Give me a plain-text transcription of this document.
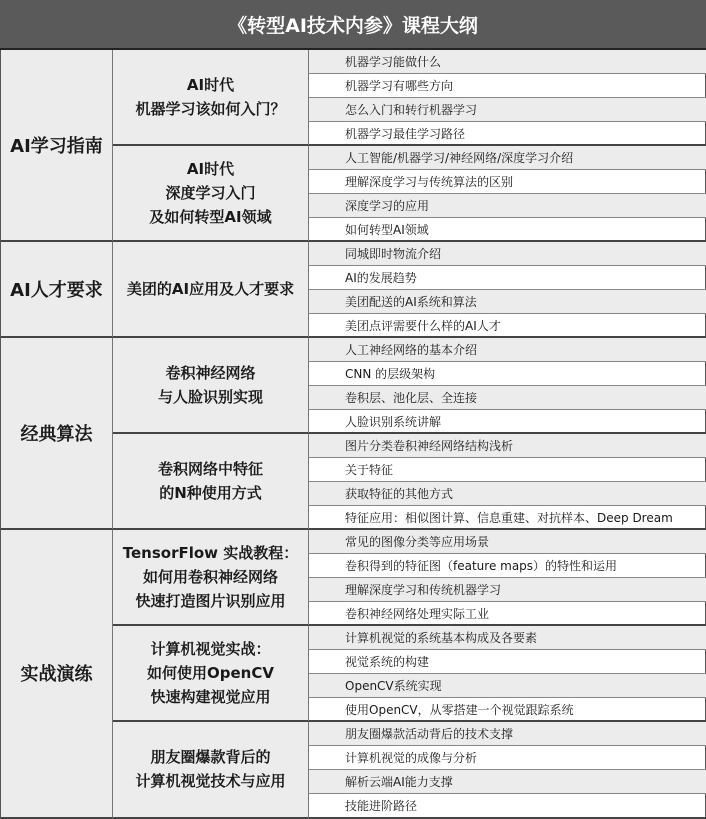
《转型AI技术内参》课程大纲
AI学习指南
AI时代
机器学习该如何入门？
机器学习能做什么
机器学习有哪些方向
怎么入门和转行机器学习
机器学习最佳学习路径
AI时代
深度学习入门
及如何转型AI领域
人工智能/机器学习/神经网络/深度学习介绍
理解深度学习与传统算法的区别
深度学习的应用
如何转型AI领域
AI人才要求	美团的AI应用及人才要求
同城即时物流介绍
AI的发展趋势
美团配送的AI系统和算法
美团点评需要什么样的AI人才
经典算法
卷积神经网络
与人脸识别实现
人工神经网络的基本介绍
CNN 的层级架构
卷积层、池化层、全连接
人脸识别系统讲解
卷积网络中特征
的N种使用方式
图片分类卷积神经网络结构浅析
关于特征
获取特征的其他方式
特征应用：相似图计算、信息重建、对抗样本、Deep Dream
实战演练
TensorFlow 实战教程：
如何用卷积神经网络
快速打造图片识别应用
常见的图像分类等应用场景
卷积得到的特征图（feature maps）的特性和运用
理解深度学习和传统机器学习
卷积神经网络处理实际工业
计算机视觉实战：
如何使用OpenCV
快速构建视觉应用
计算机视觉的系统基本构成及各要素
视觉系统的构建
OpenCV系统实现
使用OpenCV，从零搭建一个视觉跟踪系统
朋友圈爆款背后的
计算机视觉技术与应用
朋友圈爆款活动背后的技术支撑
计算机视觉的成像与分析
解析云端AI能力支撑
技能进阶路径
